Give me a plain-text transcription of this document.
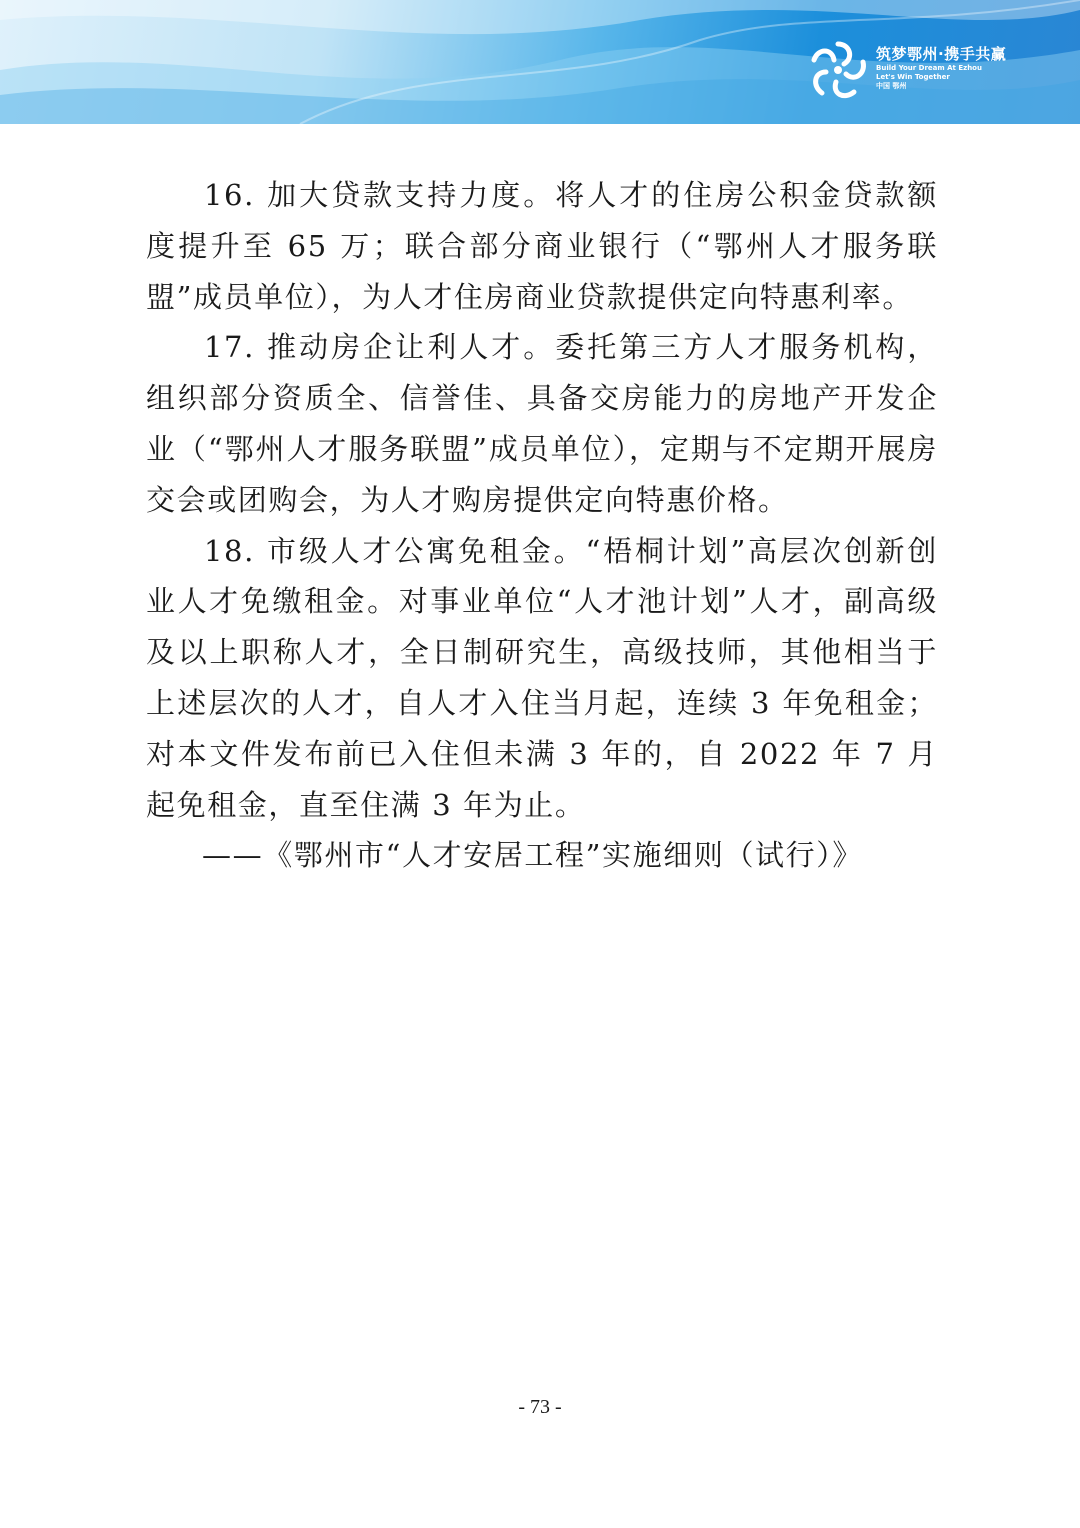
筑梦鄂州·携手共赢
Build Your Dream At Ezhou
Let's Win Together
中国 鄂州

16. 加大贷款支持力度。将人才的住房公积金贷款额度提升至 65 万；联合部分商业银行（“鄂州人才服务联盟”成员单位），为人才住房商业贷款提供定向特惠利率。

17. 推动房企让利人才。委托第三方人才服务机构，组织部分资质全、信誉佳、具备交房能力的房地产开发企业（“鄂州人才服务联盟”成员单位），定期与不定期开展房交会或团购会，为人才购房提供定向特惠价格。

18. 市级人才公寓免租金。“梧桐计划”高层次创新创业人才免缴租金。对事业单位“人才池计划”人才，副高级及以上职称人才，全日制研究生，高级技师，其他相当于上述层次的人才，自人才入住当月起，连续 3 年免租金；对本文件发布前已入住但未满 3 年的，自 2022 年 7 月起免租金，直至住满 3 年为止。

——《鄂州市“人才安居工程”实施细则（试行）》

- 73 -
